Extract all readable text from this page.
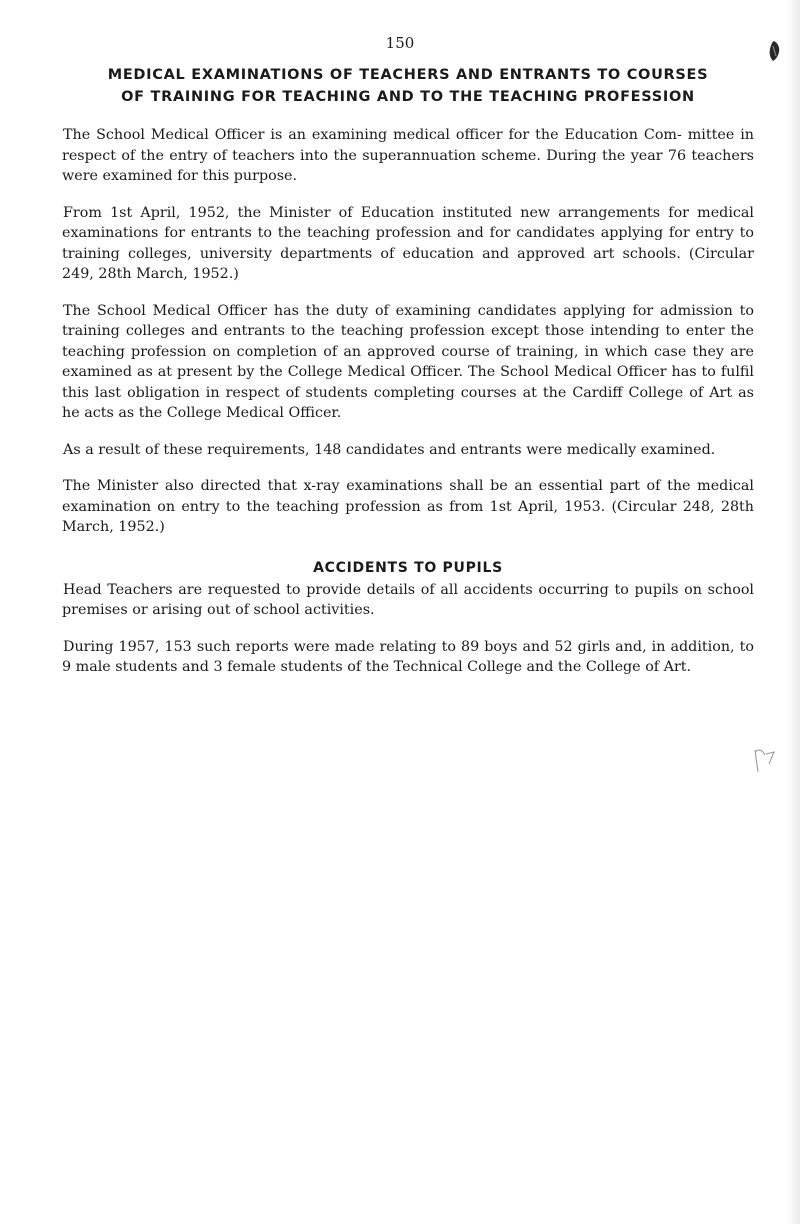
150
MEDICAL EXAMINATIONS OF TEACHERS AND ENTRANTS TO COURSES
OF TRAINING FOR TEACHING AND TO THE TEACHING PROFESSION

The School Medical Officer is an examining medical officer for the Education Com- mittee in respect of the entry of teachers into the superannuation scheme. During the year 76 teachers were examined for this purpose.

From 1st April, 1952, the Minister of Education instituted new arrangements for medical examinations for entrants to the teaching profession and for candidates applying for entry to training colleges, university departments of education and approved art schools. (Circular 249, 28th March, 1952.)

The School Medical Officer has the duty of examining candidates applying for admission to training colleges and entrants to the teaching profession except those intending to enter the teaching profession on completion of an approved course of training, in which case they are examined as at present by the College Medical Officer. The School Medical Officer has to fulfil this last obligation in respect of students completing courses at the Cardiff College of Art as he acts as the College Medical Officer.

As a result of these requirements, 148 candidates and entrants were medically examined.

The Minister also directed that x-ray examinations shall be an essential part of the medical examination on entry to the teaching profession as from 1st April, 1953. (Circular 248, 28th March, 1952.)

ACCIDENTS TO PUPILS

Head Teachers are requested to provide details of all accidents occurring to pupils on school premises or arising out of school activities.

During 1957, 153 such reports were made relating to 89 boys and 52 girls and, in addition, to 9 male students and 3 female students of the Technical College and the College of Art.
